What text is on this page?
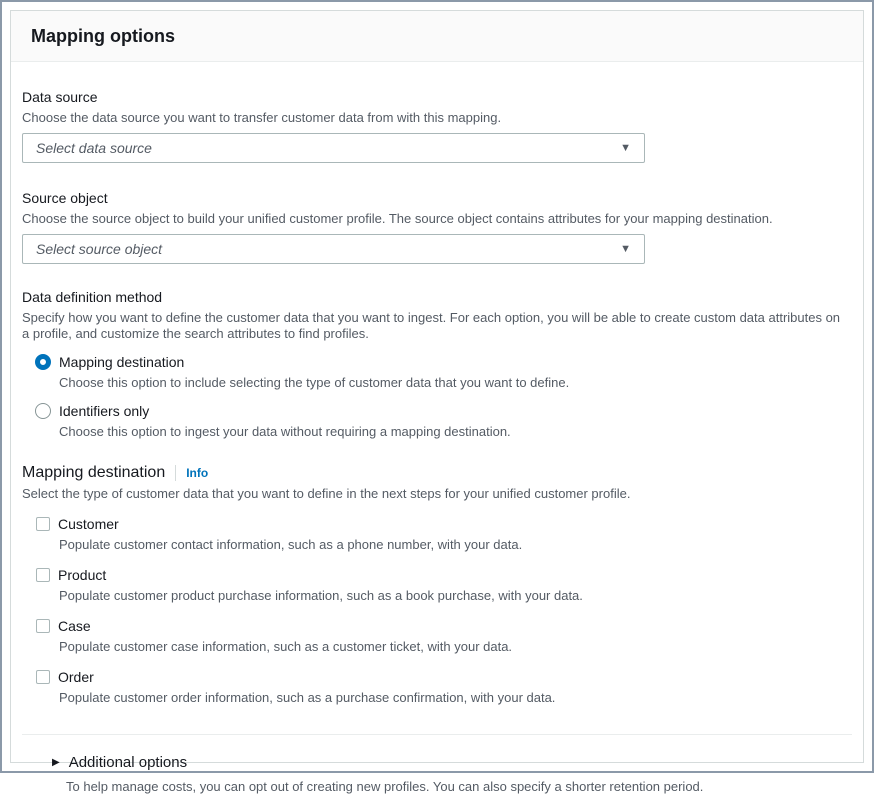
Mapping options
Data source
Choose the data source you want to transfer customer data from with this mapping.
Select data source	▼
Source object
Choose the source object to build your unified customer profile. The source object contains attributes for your mapping destination.
Select source object	▼
Data definition method
Specify how you want to define the customer data that you want to ingest. For each option, you will be able to create custom data attributes on a profile, and customize the search attributes to find profiles.
Mapping destination
Choose this option to include selecting the type of customer data that you want to define.
Identifiers only
Choose this option to ingest your data without requiring a mapping destination.
Mapping destination Info
Select the type of customer data that you want to define in the next steps for your unified customer profile.
Customer
Populate customer contact information, such as a phone number, with your data.
Product
Populate customer product purchase information, such as a book purchase, with your data.
Case
Populate customer case information, such as a customer ticket, with your data.
Order
Populate customer order information, such as a purchase confirmation, with your data.
▶ Additional options
To help manage costs, you can opt out of creating new profiles. You can also specify a shorter retention period.
